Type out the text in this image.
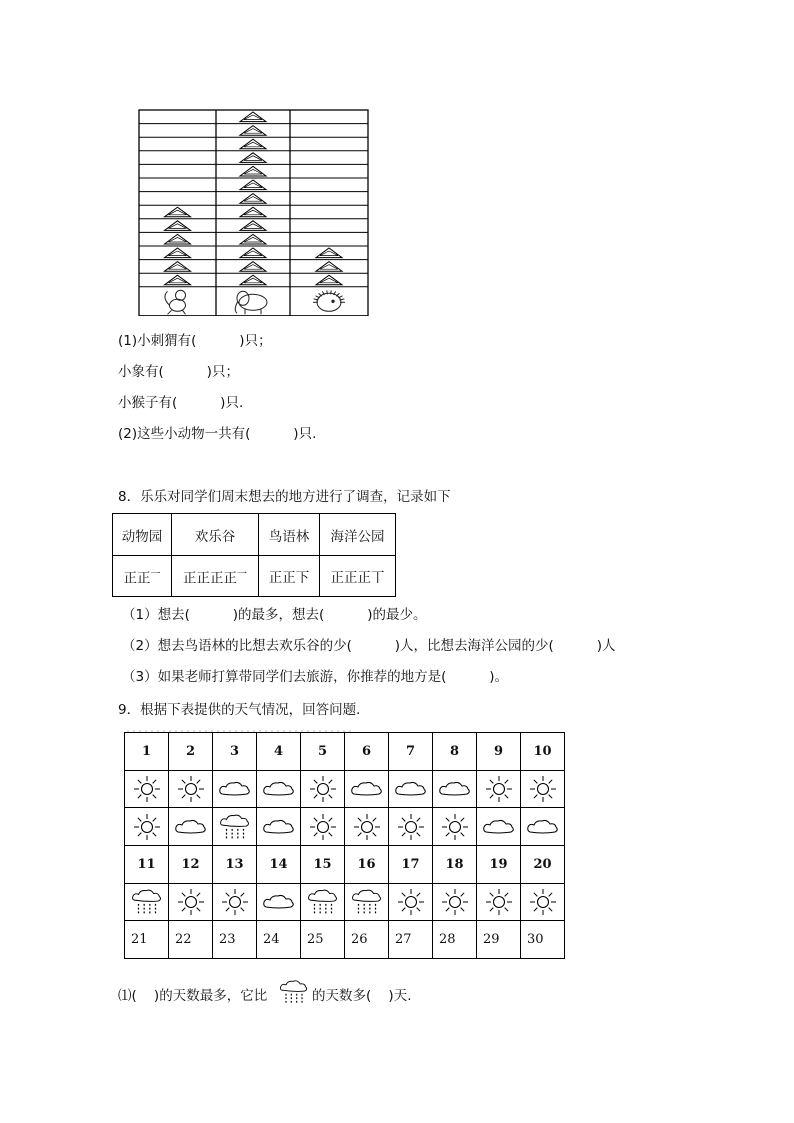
(1)小刺猬有(          )只；
小象有(          )只；
小猴子有(          )只.
(2)这些小动物一共有(          )只.
8．乐乐对同学们周末想去的地方进行了调查，记录如下
动物园	欢乐谷	鸟语林	海洋公园
正正$^一$	正正正正$^一$	正正下	正正正丅
（1）想去(          )的最多，想去(          )的最少。
（2）想去鸟语林的比想去欢乐谷的少(          )人，比想去海洋公园的少(          )人
（3）如果老师打算带同学们去旅游，你推荐的地方是(          )。
9．根据下表提供的天气情况，回答问题．
1	2	3	4	5	6	7	8	9	10

11	12	13	14	15	16	17	18	19	20

21	22	23	24	25	26	27	28	29	30
⑴(    )的天数最多，它比	的天数多(    )天.
